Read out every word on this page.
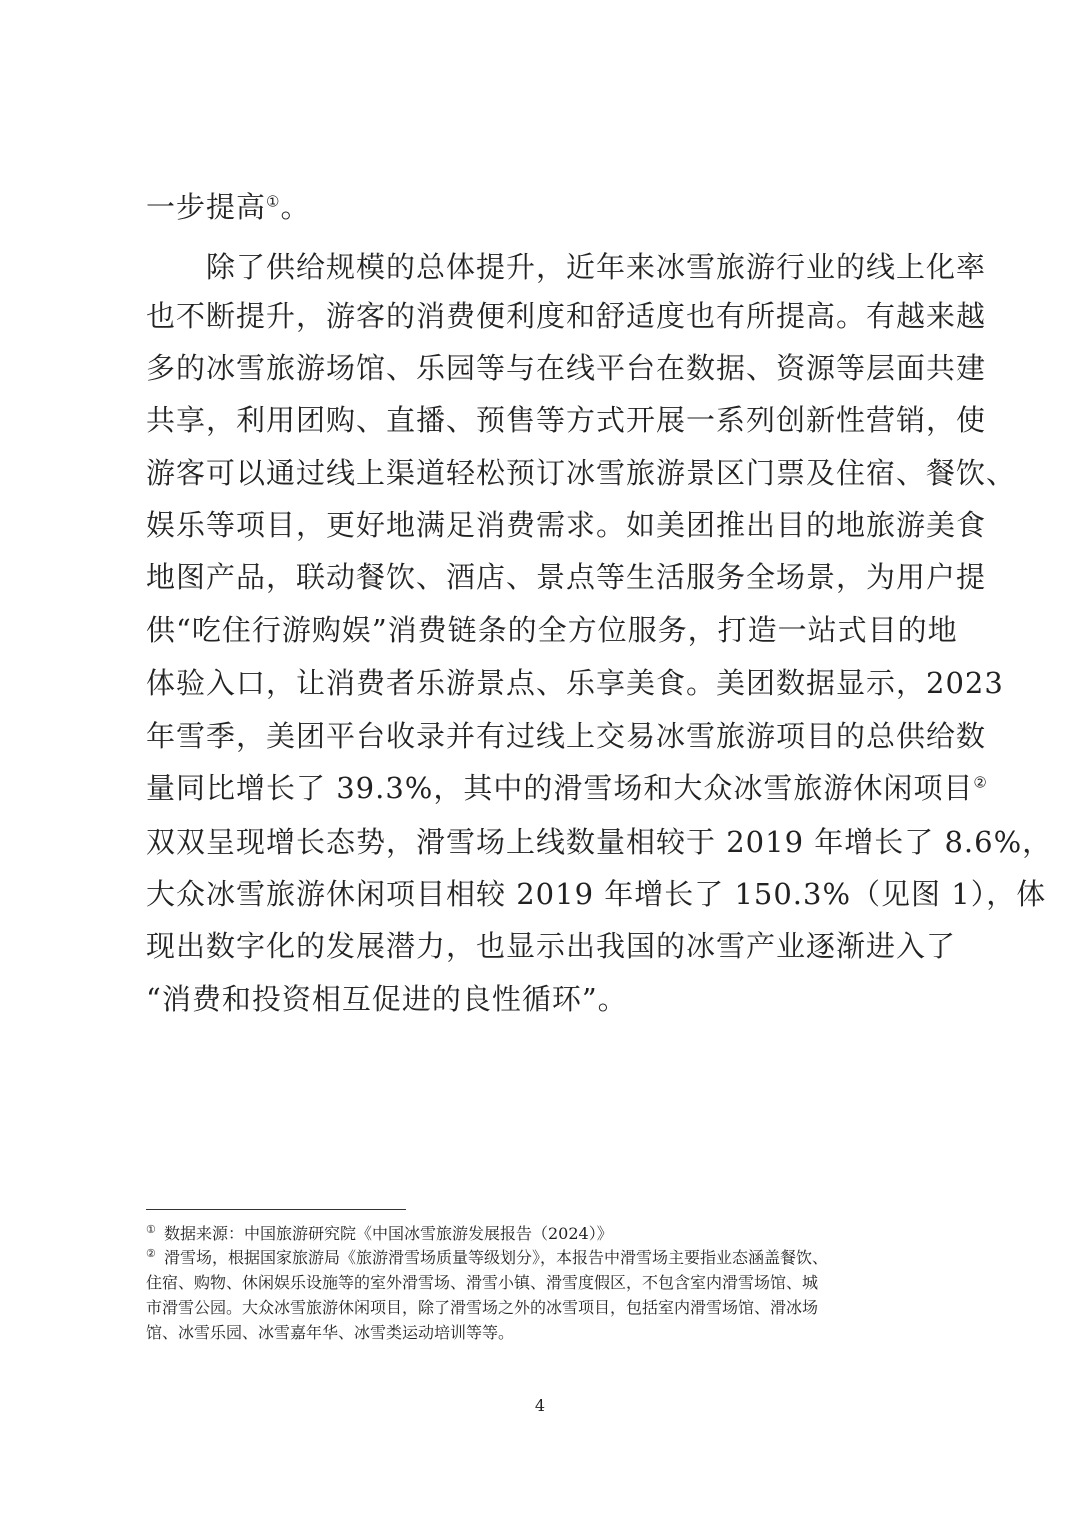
一步提高①。

　　除了供给规模的总体提升，近年来冰雪旅游行业的线上化率

也不断提升，游客的消费便利度和舒适度也有所提高。有越来越

多的冰雪旅游场馆、乐园等与在线平台在数据、资源等层面共建

共享，利用团购、直播、预售等方式开展一系列创新性营销，使

游客可以通过线上渠道轻松预订冰雪旅游景区门票及住宿、餐饮、

娱乐等项目，更好地满足消费需求。如美团推出目的地旅游美食

地图产品，联动餐饮、酒店、景点等生活服务全场景，为用户提

供“吃住行游购娱”消费链条的全方位服务，打造一站式目的地

体验入口，让消费者乐游景点、乐享美食。美团数据显示，2023

年雪季，美团平台收录并有过线上交易冰雪旅游项目的总供给数

量同比增长了 39.3%，其中的滑雪场和大众冰雪旅游休闲项目②

双双呈现增长态势，滑雪场上线数量相较于 2019 年增长了 8.6%，

大众冰雪旅游休闲项目相较 2019 年增长了 150.3%（见图 1），体

现出数字化的发展潜力，也显示出我国的冰雪产业逐渐进入了

“消费和投资相互促进的良性循环”。

① 数据来源：中国旅游研究院《中国冰雪旅游发展报告（2024）》

② 滑雪场，根据国家旅游局《旅游滑雪场质量等级划分》，本报告中滑雪场主要指业态涵盖餐饮、

住宿、购物、休闲娱乐设施等的室外滑雪场、滑雪小镇、滑雪度假区，不包含室内滑雪场馆、城

市滑雪公园。大众冰雪旅游休闲项目，除了滑雪场之外的冰雪项目，包括室内滑雪场馆、滑冰场

馆、冰雪乐园、冰雪嘉年华、冰雪类运动培训等等。

4
